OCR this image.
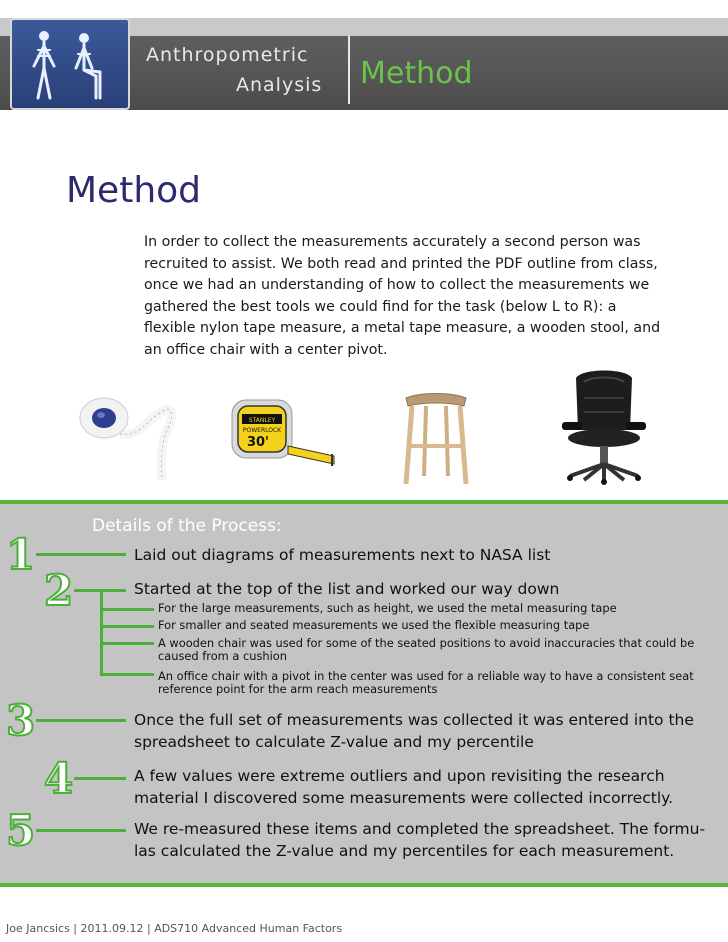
Anthropometric
Analysis Method
Method
In order to collect the measurements accurately a second person was recruited to assist. We both read and printed the PDF outline from class, once we had an understanding of how to collect the measurements we gathered the best tools we could find for the task (below L to R): a flexible nylon tape measure, a metal tape measure, a wooden stool, and an office chair with a center pivot.
STANLEY
POWERLOCK
30'
Details of the Process:
1	Laid out diagrams of measurements next to NASA list
2	Started at the top of the list and worked our way down
For the large measurements, such as height, we used the metal measuring tape
For smaller and seated measurements we used the flexible measuring tape
A wooden chair was used for some of the seated positions to avoid inaccuracies that could be caused from a cushion
An office chair with a pivot in the center was used for a reliable way to have a consistent seat reference point for the arm reach measurements
3	Once the full set of measurements was collected it was entered into the spreadsheet to calculate Z-value and my percentile
4	A few values were extreme outliers and upon revisiting the research material I discovered some measurements were collected incorrectly.
5	We re-measured these items and completed the spreadsheet. The formu-las calculated the Z-value and my percentiles for each measurement.
Joe Jancsics | 2011.09.12 | ADS710 Advanced Human Factors
